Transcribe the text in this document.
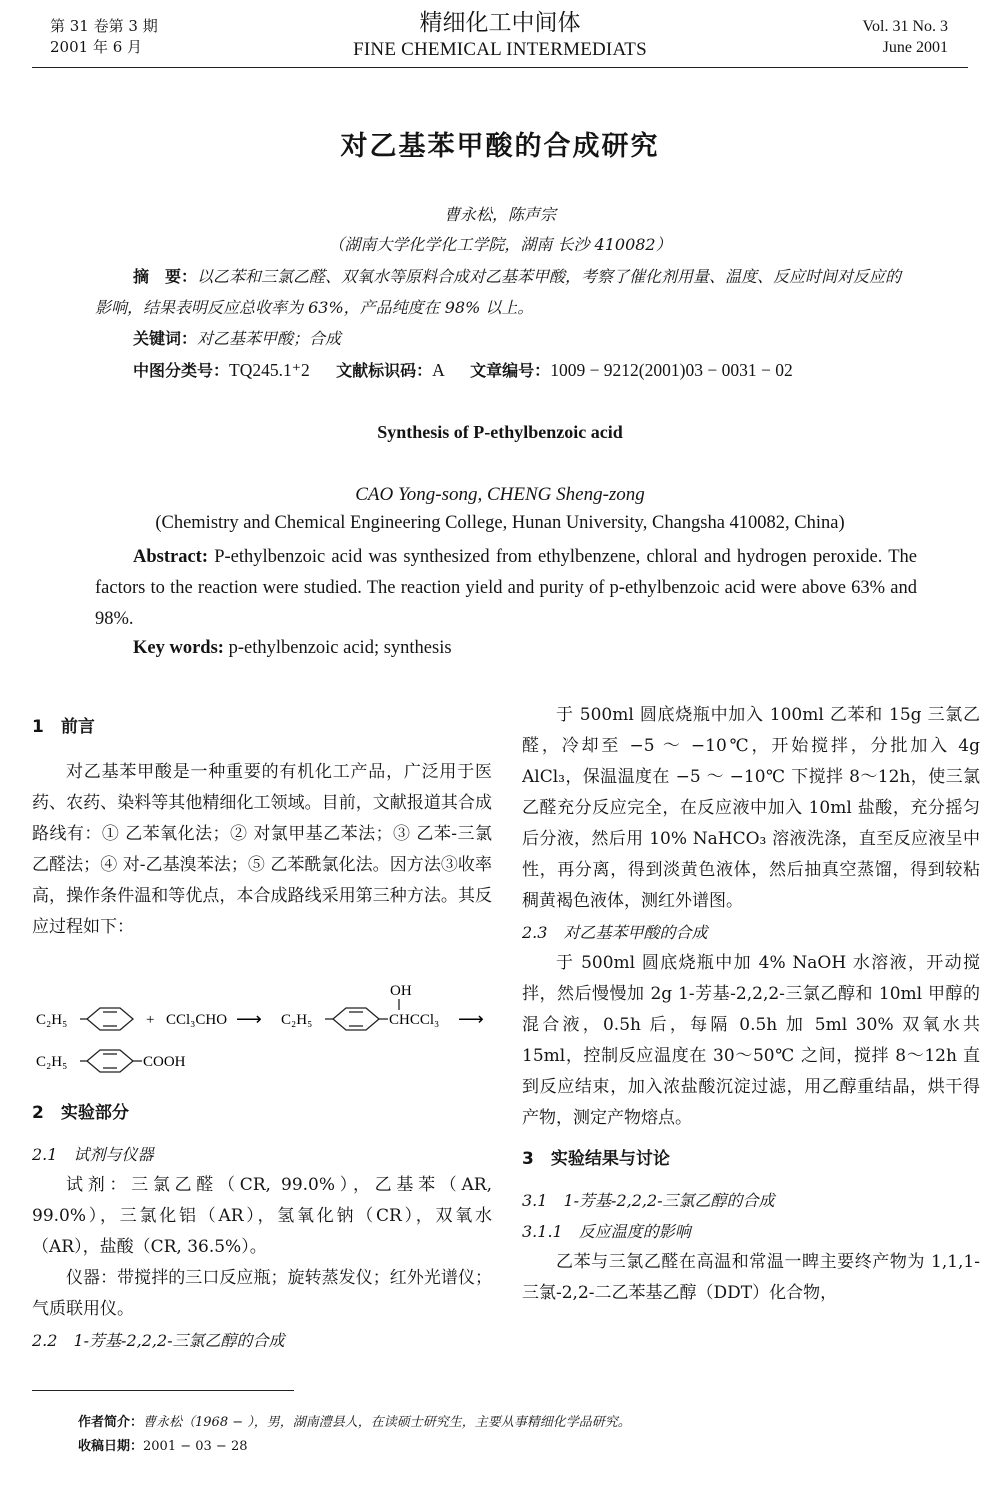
第 31 卷第 3 期
2001 年 6 月
精细化工中间体
FINE CHEMICAL INTERMEDIATS
Vol. 31 No. 3
June 2001
对乙基苯甲酸的合成研究
曹永松，陈声宗
（湖南大学化学化工学院，湖南 长沙 410082）
摘　要：以乙苯和三氯乙醛、双氧水等原料合成对乙基苯甲酸，考察了催化剂用量、温度、反应时间对反应的影响，结果表明反应总收率为 63%，产品纯度在 98% 以上。
关键词：对乙基苯甲酸；合成
中图分类号：TQ245.1⁺2 文献标识码：A 文章编号：1009 − 9212(2001)03 − 0031 − 02
Synthesis of P-ethylbenzoic acid
CAO Yong-song, CHENG Sheng-zong
(Chemistry and Chemical Engineering College, Hunan University, Changsha 410082, China)
Abstract: P-ethylbenzoic acid was synthesized from ethylbenzene, chloral and hydrogen peroxide. The factors to the reaction were studied. The reaction yield and purity of p-ethylbenzoic acid were above 63% and 98%.
Key words: p-ethylbenzoic acid; synthesis

1　前言

对乙基苯甲酸是一种重要的有机化工产品，广泛用于医药、农药、染料等其他精细化工领域。目前，文献报道其合成路线有：① 乙苯氧化法；② 对氯甲基乙苯法；③ 乙苯-三氯乙醛法；④ 对-乙基溴苯法；⑤ 乙苯酰氯化法。因方法③收率高，操作条件温和等优点，本合成路线采用第三种方法。其反应过程如下：

C₂H₅	+ CCl₃CHO ⟶ C₂H₅
OH
CHCCl₃ ⟶
C₂H₅	COOH

2　实验部分

2.1　试剂与仪器

试剂：三氯乙醛（CR, 99.0%），乙基苯（AR, 99.0%），三氯化铝（AR），氢氧化钠（CR），双氧水（AR），盐酸（CR, 36.5%）。

仪器：带搅拌的三口反应瓶；旋转蒸发仪；红外光谱仪；气质联用仪。

2.2　1-芳基-2,2,2-三氯乙醇的合成

于 500ml 圆底烧瓶中加入 100ml 乙苯和 15g 三氯乙醛，冷却至 −5 ～ −10℃，开始搅拌，分批加入 4g AlCl₃，保温温度在 −5 ～ −10℃ 下搅拌 8～12h，使三氯乙醛充分反应完全，在反应液中加入 10ml 盐酸，充分摇匀后分液，然后用 10% NaHCO₃ 溶液洗涤，直至反应液呈中性，再分离，得到淡黄色液体，然后抽真空蒸馏，得到较粘稠黄褐色液体，测红外谱图。

2.3　对乙基苯甲酸的合成

于 500ml 圆底烧瓶中加 4% NaOH 水溶液，开动搅拌，然后慢慢加 2g 1-芳基-2,2,2-三氯乙醇和 10ml 甲醇的混合液，0.5h 后，每隔 0.5h 加 5ml 30% 双氧水共 15ml，控制反应温度在 30～50℃ 之间，搅拌 8～12h 直到反应结束，加入浓盐酸沉淀过滤，用乙醇重结晶，烘干得产物，测定产物熔点。

3　实验结果与讨论

3.1　1-芳基-2,2,2-三氯乙醇的合成

3.1.1　反应温度的影响

乙苯与三氯乙醛在高温和常温一睥主要终产物为 1,1,1-三氯-2,2-二乙苯基乙醇（DDT）化合物，

作者简介：曹永松（1968 − ），男，湖南澧县人，在读硕士研究生，主要从事精细化学品研究。
收稿日期：2001 − 03 − 28
